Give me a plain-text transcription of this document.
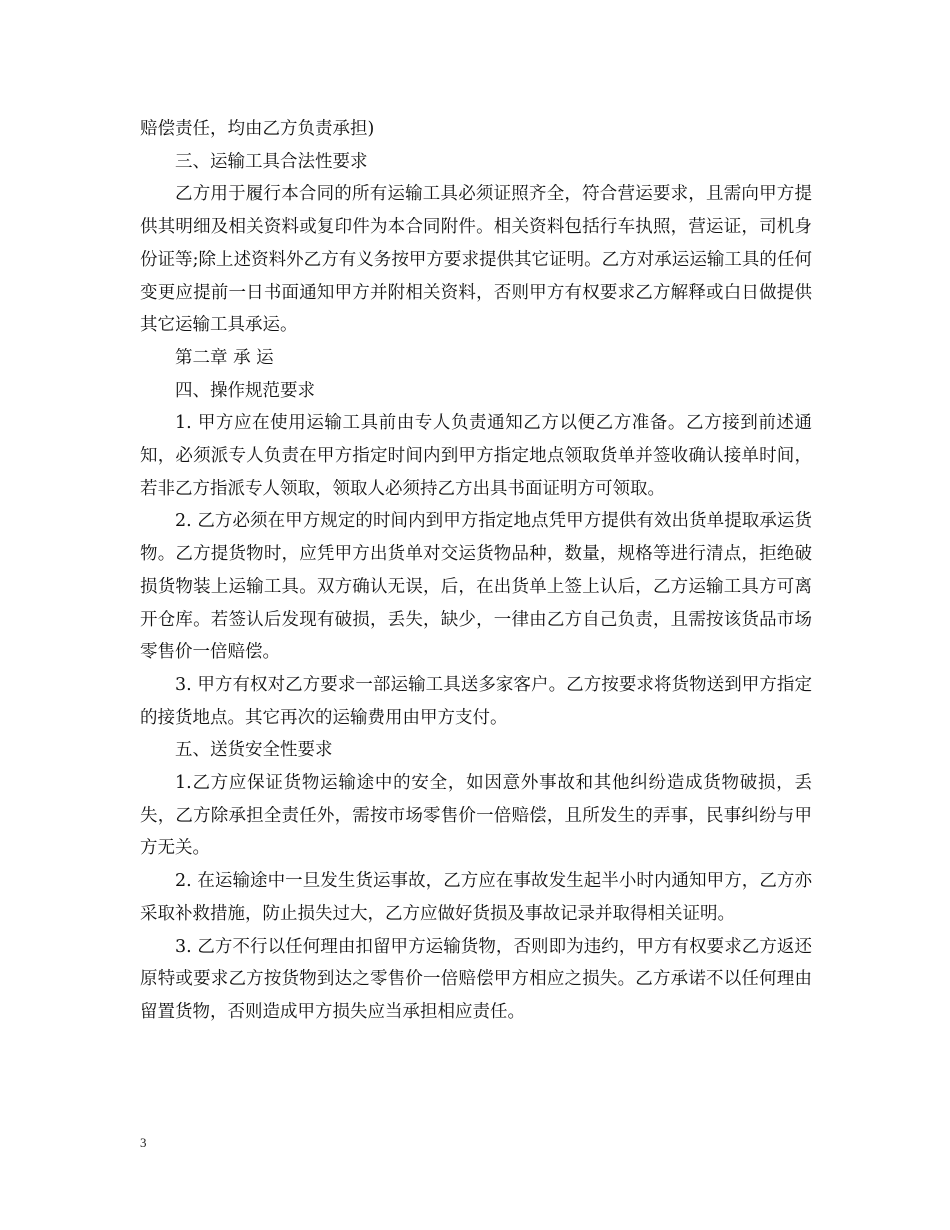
赔偿责任，均由乙方负责承担)

三、运输工具合法性要求

乙方用于履行本合同的所有运输工具必须证照齐全，符合营运要求，且需向甲方提供其明细及相关资料或复印件为本合同附件。相关资料包括行车执照，营运证，司机身份证等;除上述资料外乙方有义务按甲方要求提供其它证明。乙方对承运运输工具的任何变更应提前一日书面通知甲方并附相关资料，否则甲方有权要求乙方解释或白日做提供其它运输工具承运。

第二章 承 运

四、操作规范要求

1. 甲方应在使用运输工具前由专人负责通知乙方以便乙方准备。乙方接到前述通知，必须派专人负责在甲方指定时间内到甲方指定地点领取货单并签收确认接单时间，若非乙方指派专人领取，领取人必须持乙方出具书面证明方可领取。

2. 乙方必须在甲方规定的时间内到甲方指定地点凭甲方提供有效出货单提取承运货物。乙方提货物时，应凭甲方出货单对交运货物品种，数量，规格等进行清点，拒绝破损货物装上运输工具。双方确认无误，后，在出货单上签上认后，乙方运输工具方可离开仓库。若签认后发现有破损，丢失，缺少，一律由乙方自己负责，且需按该货品市场零售价一倍赔偿。

3. 甲方有权对乙方要求一部运输工具送多家客户。乙方按要求将货物送到甲方指定的接货地点。其它再次的运输费用由甲方支付。

五、送货安全性要求

1.乙方应保证货物运输途中的安全，如因意外事故和其他纠纷造成货物破损，丢失，乙方除承担全责任外，需按市场零售价一倍赔偿，且所发生的弄事，民事纠纷与甲方无关。

2. 在运输途中一旦发生货运事故，乙方应在事故发生起半小时内通知甲方，乙方亦采取补救措施，防止损失过大，乙方应做好货损及事故记录并取得相关证明。

3. 乙方不行以任何理由扣留甲方运输货物，否则即为违约，甲方有权要求乙方返还原特或要求乙方按货物到达之零售价一倍赔偿甲方相应之损失。乙方承诺不以任何理由留置货物，否则造成甲方损失应当承担相应责任。

3
